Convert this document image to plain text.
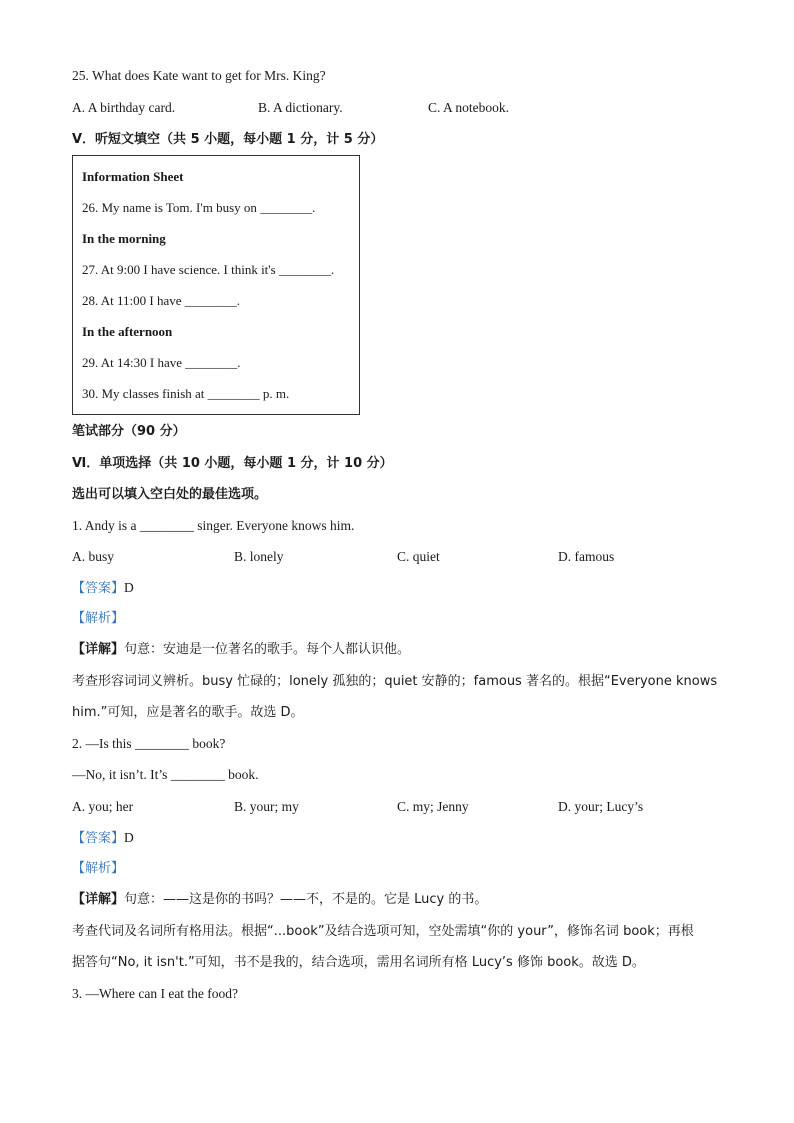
25. What does Kate want to get for Mrs. King?
A. A birthday card.	B. A dictionary.	C. A notebook.
Ⅴ．听短文填空（共 5 小题，每小题 1 分，计 5 分）
Information Sheet
26. My name is Tom. I'm busy on ________.
In the morning
27. At 9:00 I have science. I think it's ________.
28. At 11:00 I have ________.
In the afternoon
29. At 14:30 I have ________.
30. My classes finish at ________ p. m.
笔试部分（90 分）
Ⅵ．单项选择（共 10 小题，每小题 1 分，计 10 分）
选出可以填入空白处的最佳选项。
1. Andy is a ________ singer. Everyone knows him.
A. busy	B. lonely	C. quiet	D. famous
【答案】D
【解析】
【详解】句意：安迪是一位著名的歌手。每个人都认识他。
考查形容词词义辨析。busy 忙碌的；lonely 孤独的；quiet 安静的；famous 著名的。根据“Everyone knows
him.”可知，应是著名的歌手。故选 D。
2. —Is this ________ book?
—No, it isn’t. It’s ________ book.
A. you; her	B. your; my	C. my; Jenny	D. your; Lucy’s
【答案】D
【解析】
【详解】句意：——这是你的书吗？——不，不是的。它是 Lucy 的书。
考查代词及名词所有格用法。根据“...book”及结合选项可知，空处需填“你的 your”，修饰名词 book；再根
据答句“No, it isn't.”可知，书不是我的，结合选项，需用名词所有格 Lucy’s 修饰 book。故选 D。
3. —Where can I eat the food?
